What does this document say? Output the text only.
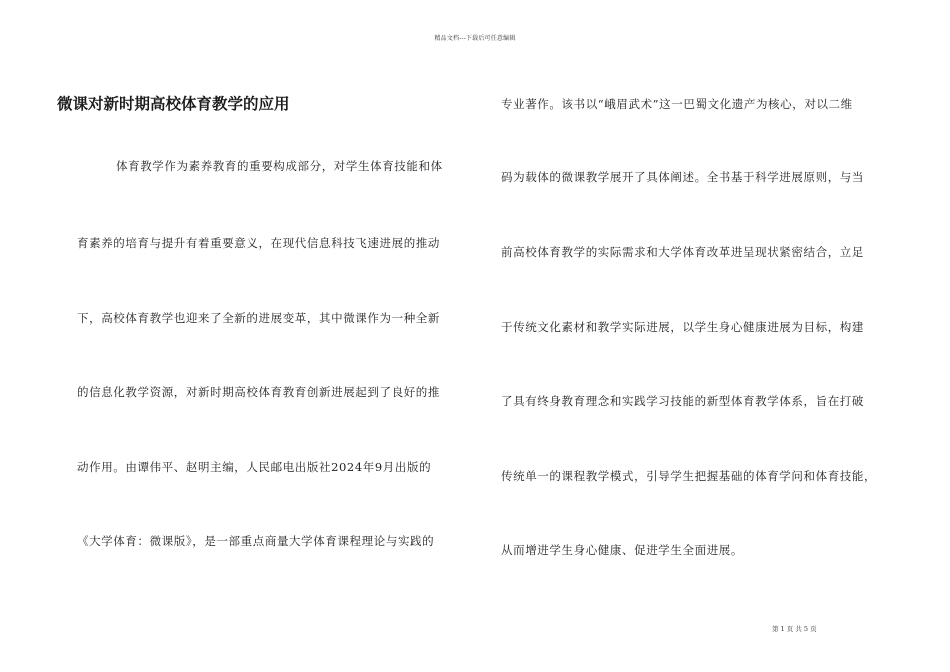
精品文档---下载后可任意编辑
微课对新时期高校体育教学的应用
体育教学作为素养教育的重要构成部分，对学生体育技能和体
育素养的培育与提升有着重要意义，在现代信息科技飞速进展的推动
下，高校体育教学也迎来了全新的进展变革，其中微课作为一种全新
的信息化教学资源，对新时期高校体育教育创新进展起到了良好的推
动作用。由谭伟平、赵明主编，人民邮电出版社2024年9月出版的
《大学体育：微课版》，是一部重点商量大学体育课程理论与实践的
专业著作。该书以“峨眉武术”这一巴蜀文化遗产为核心，对以二维
码为载体的微课教学展开了具体阐述。全书基于科学进展原则，与当
前高校体育教学的实际需求和大学体育改革进呈现状紧密结合，立足
于传统文化素材和教学实际进展，以学生身心健康进展为目标，构建
了具有终身教育理念和实践学习技能的新型体育教学体系，旨在打破
传统单一的课程教学模式，引导学生把握基础的体育学问和体育技能，
从而增进学生身心健康、促进学生全面进展。
第 1 页 共 5 页
